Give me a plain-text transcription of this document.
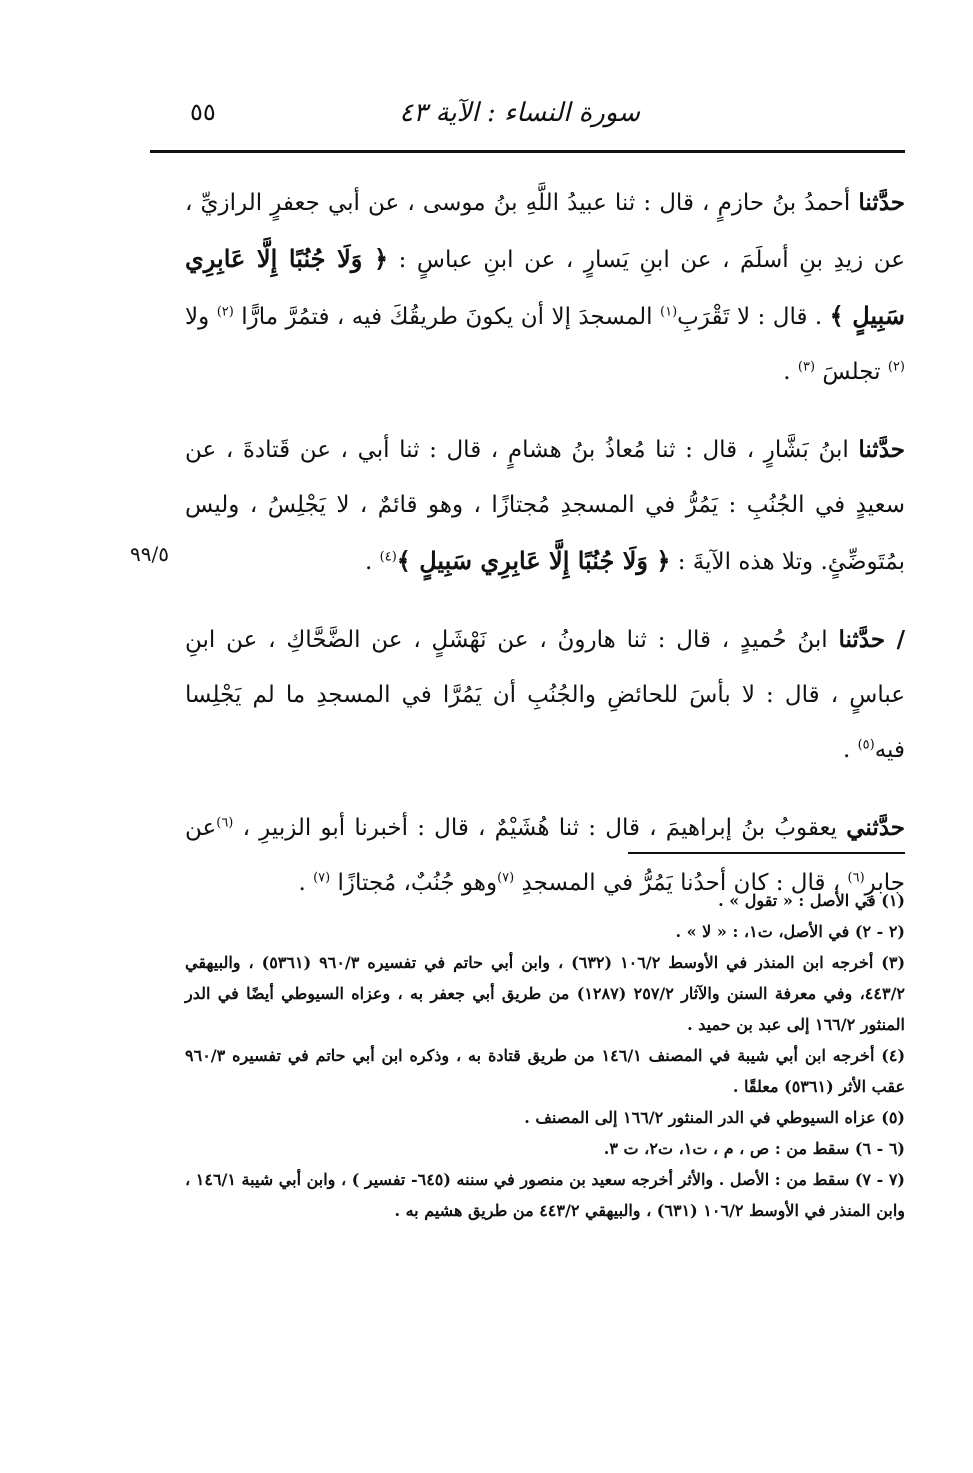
سورة النساء : الآية ٤٣
٥٥
٩٩/٥

حدَّثنا أحمدُ بنُ حازمٍ ، قال : ثنا عبيدُ اللَّهِ بنُ موسى ، عن أبي جعفرٍ الرازيِّ ، عن زيدِ بنِ أسلَمَ ، عن ابنِ يَسارٍ ، عن ابنِ عباسٍ : ﴿ وَلَا جُنُبًا إِلَّا عَابِرِي سَبِيلٍ ﴾ . قال : لا تَقْرَبِ$^{(١)}$ المسجدَ إلا أن يكونَ طريقُكَ فيه ، فتمُرَّ مارًّا $^{(٢)}$ ولا $^{(٢)}$ تجلسَ $^{(٣)}$ .

حدَّثنا ابنُ بَشَّارٍ ، قال : ثنا مُعاذُ بنُ هشامٍ ، قال : ثنا أبي ، عن قَتادةَ ، عن سعيدٍ في الجُنُبِ : يَمُرُّ في المسجدِ مُجتازًا ، وهو قائمٌ ، لا يَجْلِسُ ، وليس بمُتَوضِّئٍ. وتلا هذه الآيةَ : ﴿ وَلَا جُنُبًا إِلَّا عَابِرِي سَبِيلٍ ﴾$^{(٤)}$ .

/ حدَّثنا ابنُ حُميدٍ ، قال : ثنا هارونُ ، عن نَهْشَلٍ ، عن الضَّحَّاكِ ، عن ابنِ عباسٍ ، قال : لا بأسَ للحائضِ والجُنُبِ أن يَمُرَّا في المسجدِ ما لم يَجْلِسا فيه$^{(٥)}$ .

حدَّثني يعقوبُ بنُ إبراهيمَ ، قال : ثنا هُشَيْمٌ ، قال : أخبرنا أبو الزبيرِ ، $^{(٦)}$عن جابرٍ$^{(٦)}$ ، قال : كان أحدُنا يَمُرُّ في المسجدِ $^{(٧)}$وهو جُنُبٌ، مُجتازًا $^{(٧)}$ .

(١) في الأصل : « تقول » .

(٢ - ٢) في الأصل، ت١، : « لا » .

(٣) أخرجه ابن المنذر في الأوسط ١٠٦/٢ (٦٣٢) ، وابن أبي حاتم في تفسيره ٩٦٠/٣ (٥٣٦١) ، والبيهقي ٤٤٣/٢، وفي معرفة السنن والآثار ٢٥٧/٢ (١٢٨٧) من طريق أبي جعفر به ، وعزاه السيوطي أيضًا في الدر المنثور ١٦٦/٢ إلى عبد بن حميد .

(٤) أخرجه ابن أبي شيبة في المصنف ١٤٦/١ من طريق قتادة به ، وذكره ابن أبي حاتم في تفسيره ٩٦٠/٣ عقب الأثر (٥٣٦١) معلقًا .

(٥) عزاه السيوطي في الدر المنثور ١٦٦/٢ إلى المصنف .

(٦ - ٦) سقط من : ص ، م ، ت١، ت٢، ت ٣.

(٧ - ٧) سقط من : الأصل . والأثر أخرجه سعيد بن منصور في سننه (٦٤٥- تفسير ) ، وابن أبي شيبة ١٤٦/١ ، وابن المنذر في الأوسط ١٠٦/٢ (٦٣١) ، والبيهقي ٤٤٣/٢ من طريق هشيم به .
